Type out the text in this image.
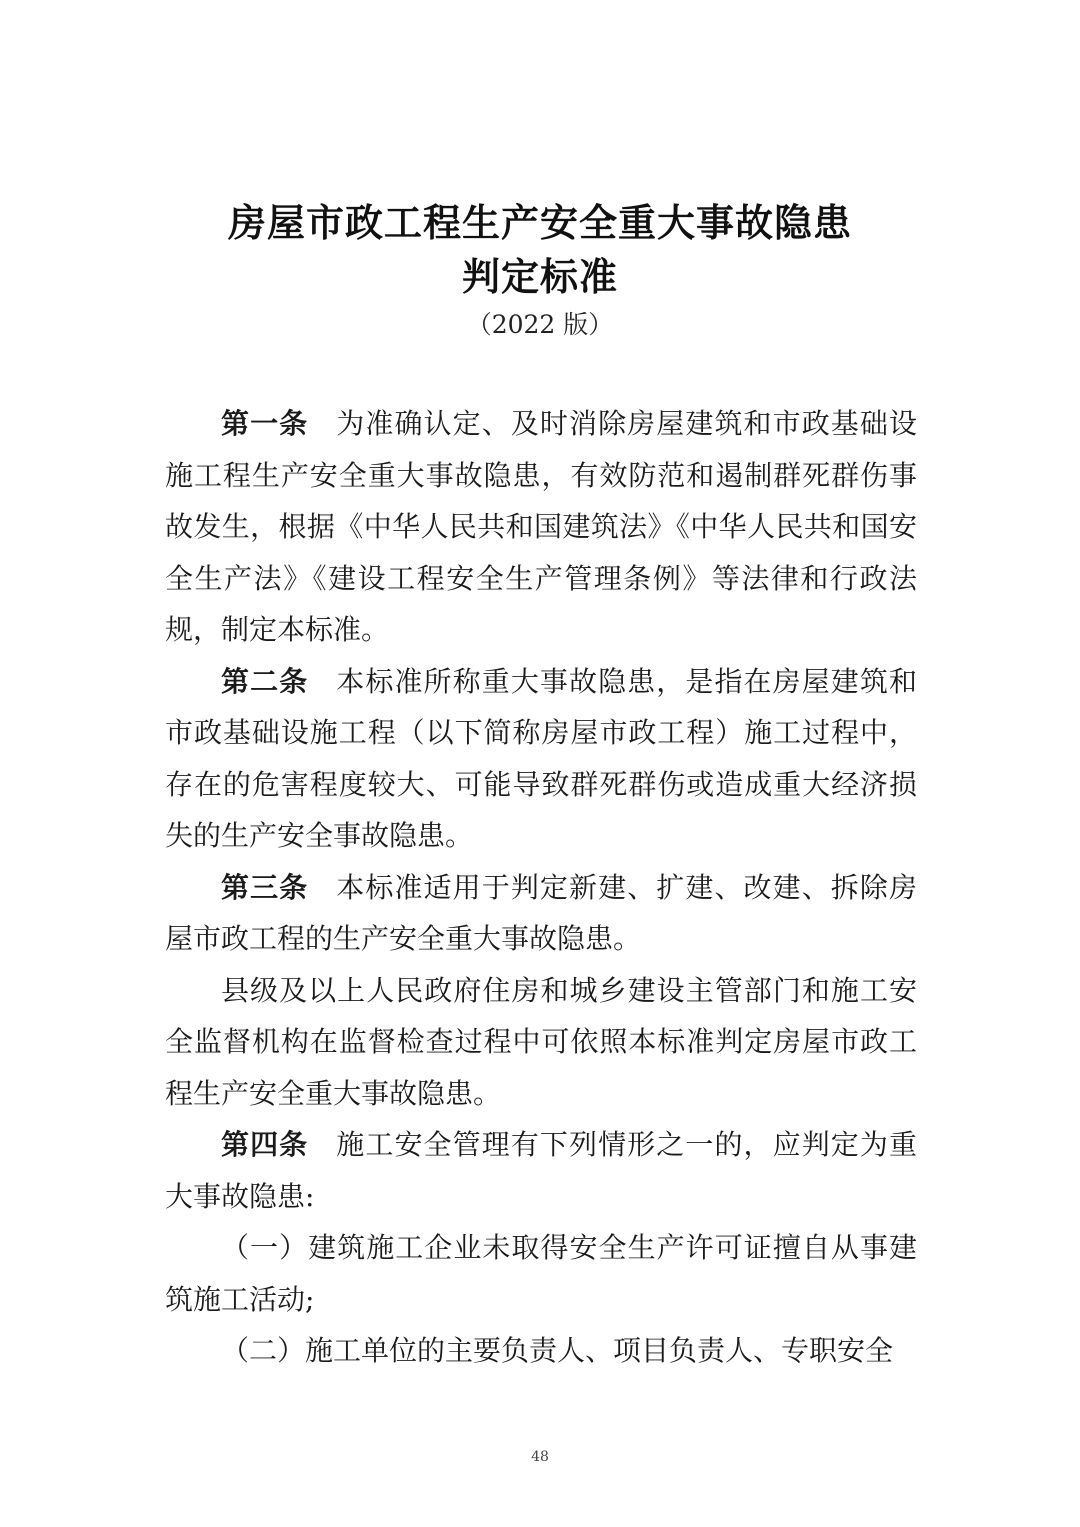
房屋市政工程生产安全重大事故隐患
判定标准
（2022 版）

第一条 为准确认定、及时消除房屋建筑和市政基础设施工程生产安全重大事故隐患，有效防范和遏制群死群伤事故发生，根据《中华人民共和国建筑法》《中华人民共和国安全生产法》《建设工程安全生产管理条例》等法律和行政法规，制定本标准。

第二条 本标准所称重大事故隐患，是指在房屋建筑和市政基础设施工程（以下简称房屋市政工程）施工过程中，存在的危害程度较大、可能导致群死群伤或造成重大经济损失的生产安全事故隐患。

第三条 本标准适用于判定新建、扩建、改建、拆除房屋市政工程的生产安全重大事故隐患。

县级及以上人民政府住房和城乡建设主管部门和施工安全监督机构在监督检查过程中可依照本标准判定房屋市政工程生产安全重大事故隐患。

第四条 施工安全管理有下列情形之一的，应判定为重大事故隐患:

（一）建筑施工企业未取得安全生产许可证擅自从事建筑施工活动;

（二）施工单位的主要负责人、项目负责人、专职安全

48
